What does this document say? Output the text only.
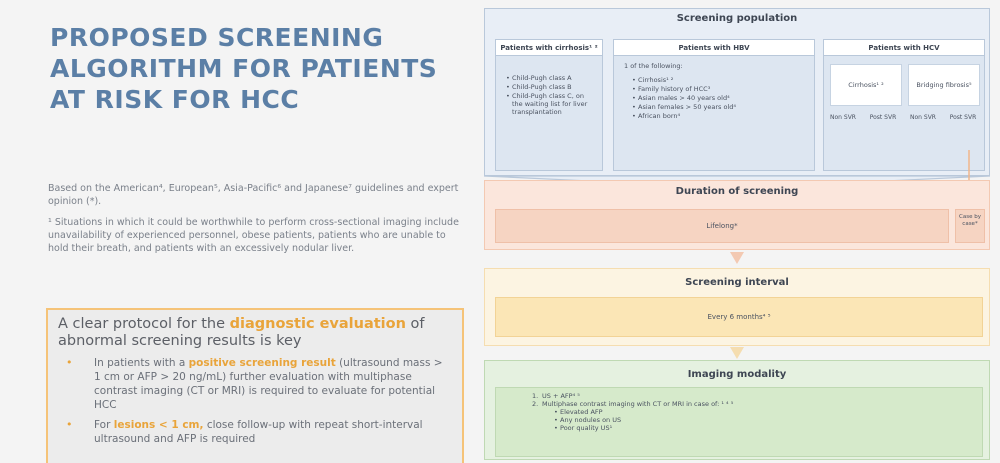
PROPOSED SCREENING ALGORITHM FOR PATIENTS AT RISK FOR HCC

Based on the American⁴, European⁵, Asia-Pacific⁶ and Japanese⁷ guidelines and expert opinion (*).

¹ Situations in which it could be worthwhile to perform cross-sectional imaging include unavailability of experienced personnel, obese patients, patients who are unable to hold their breath, and patients with an excessively nodular liver.

A clear protocol for the diagnostic evaluation of abnormal screening results is key
• In patients with a positive screening result (ultrasound mass > 1 cm or AFP > 20 ng/mL) further evaluation with multiphase contrast imaging (CT or MRI) is required to evaluate for potential HCC
• For lesions < 1 cm, close follow-up with repeat short-interval ultrasound and AFP is required
Screening population
Patients with cirrhosis¹ ²
• Child-Pugh class A
• Child-Pugh class B
• Child-Pugh class C, on the waiting list for liver transplantation
Patients with HBV
1 of the following:
• Cirrhosis¹ ²
• Family history of HCC³
• Asian males > 40 years old⁴
• Asian females > 50 years old⁴
• African born⁴
Patients with HCV
Cirrhosis¹ ²	Bridging fibrosis⁵
Non SVR	Post SVR	Non SVR	Post SVR
Duration of screening
Lifelong*
Case by case*
Screening interval
Every 6 months⁴ ⁵
Imaging modality
1. US + AFP⁴ ⁵
2. Multiphase contrast imaging with CT or MRI in case of: ¹ ⁴ ⁵
• Elevated AFP
• Any nodules on US
• Poor quality US¹
